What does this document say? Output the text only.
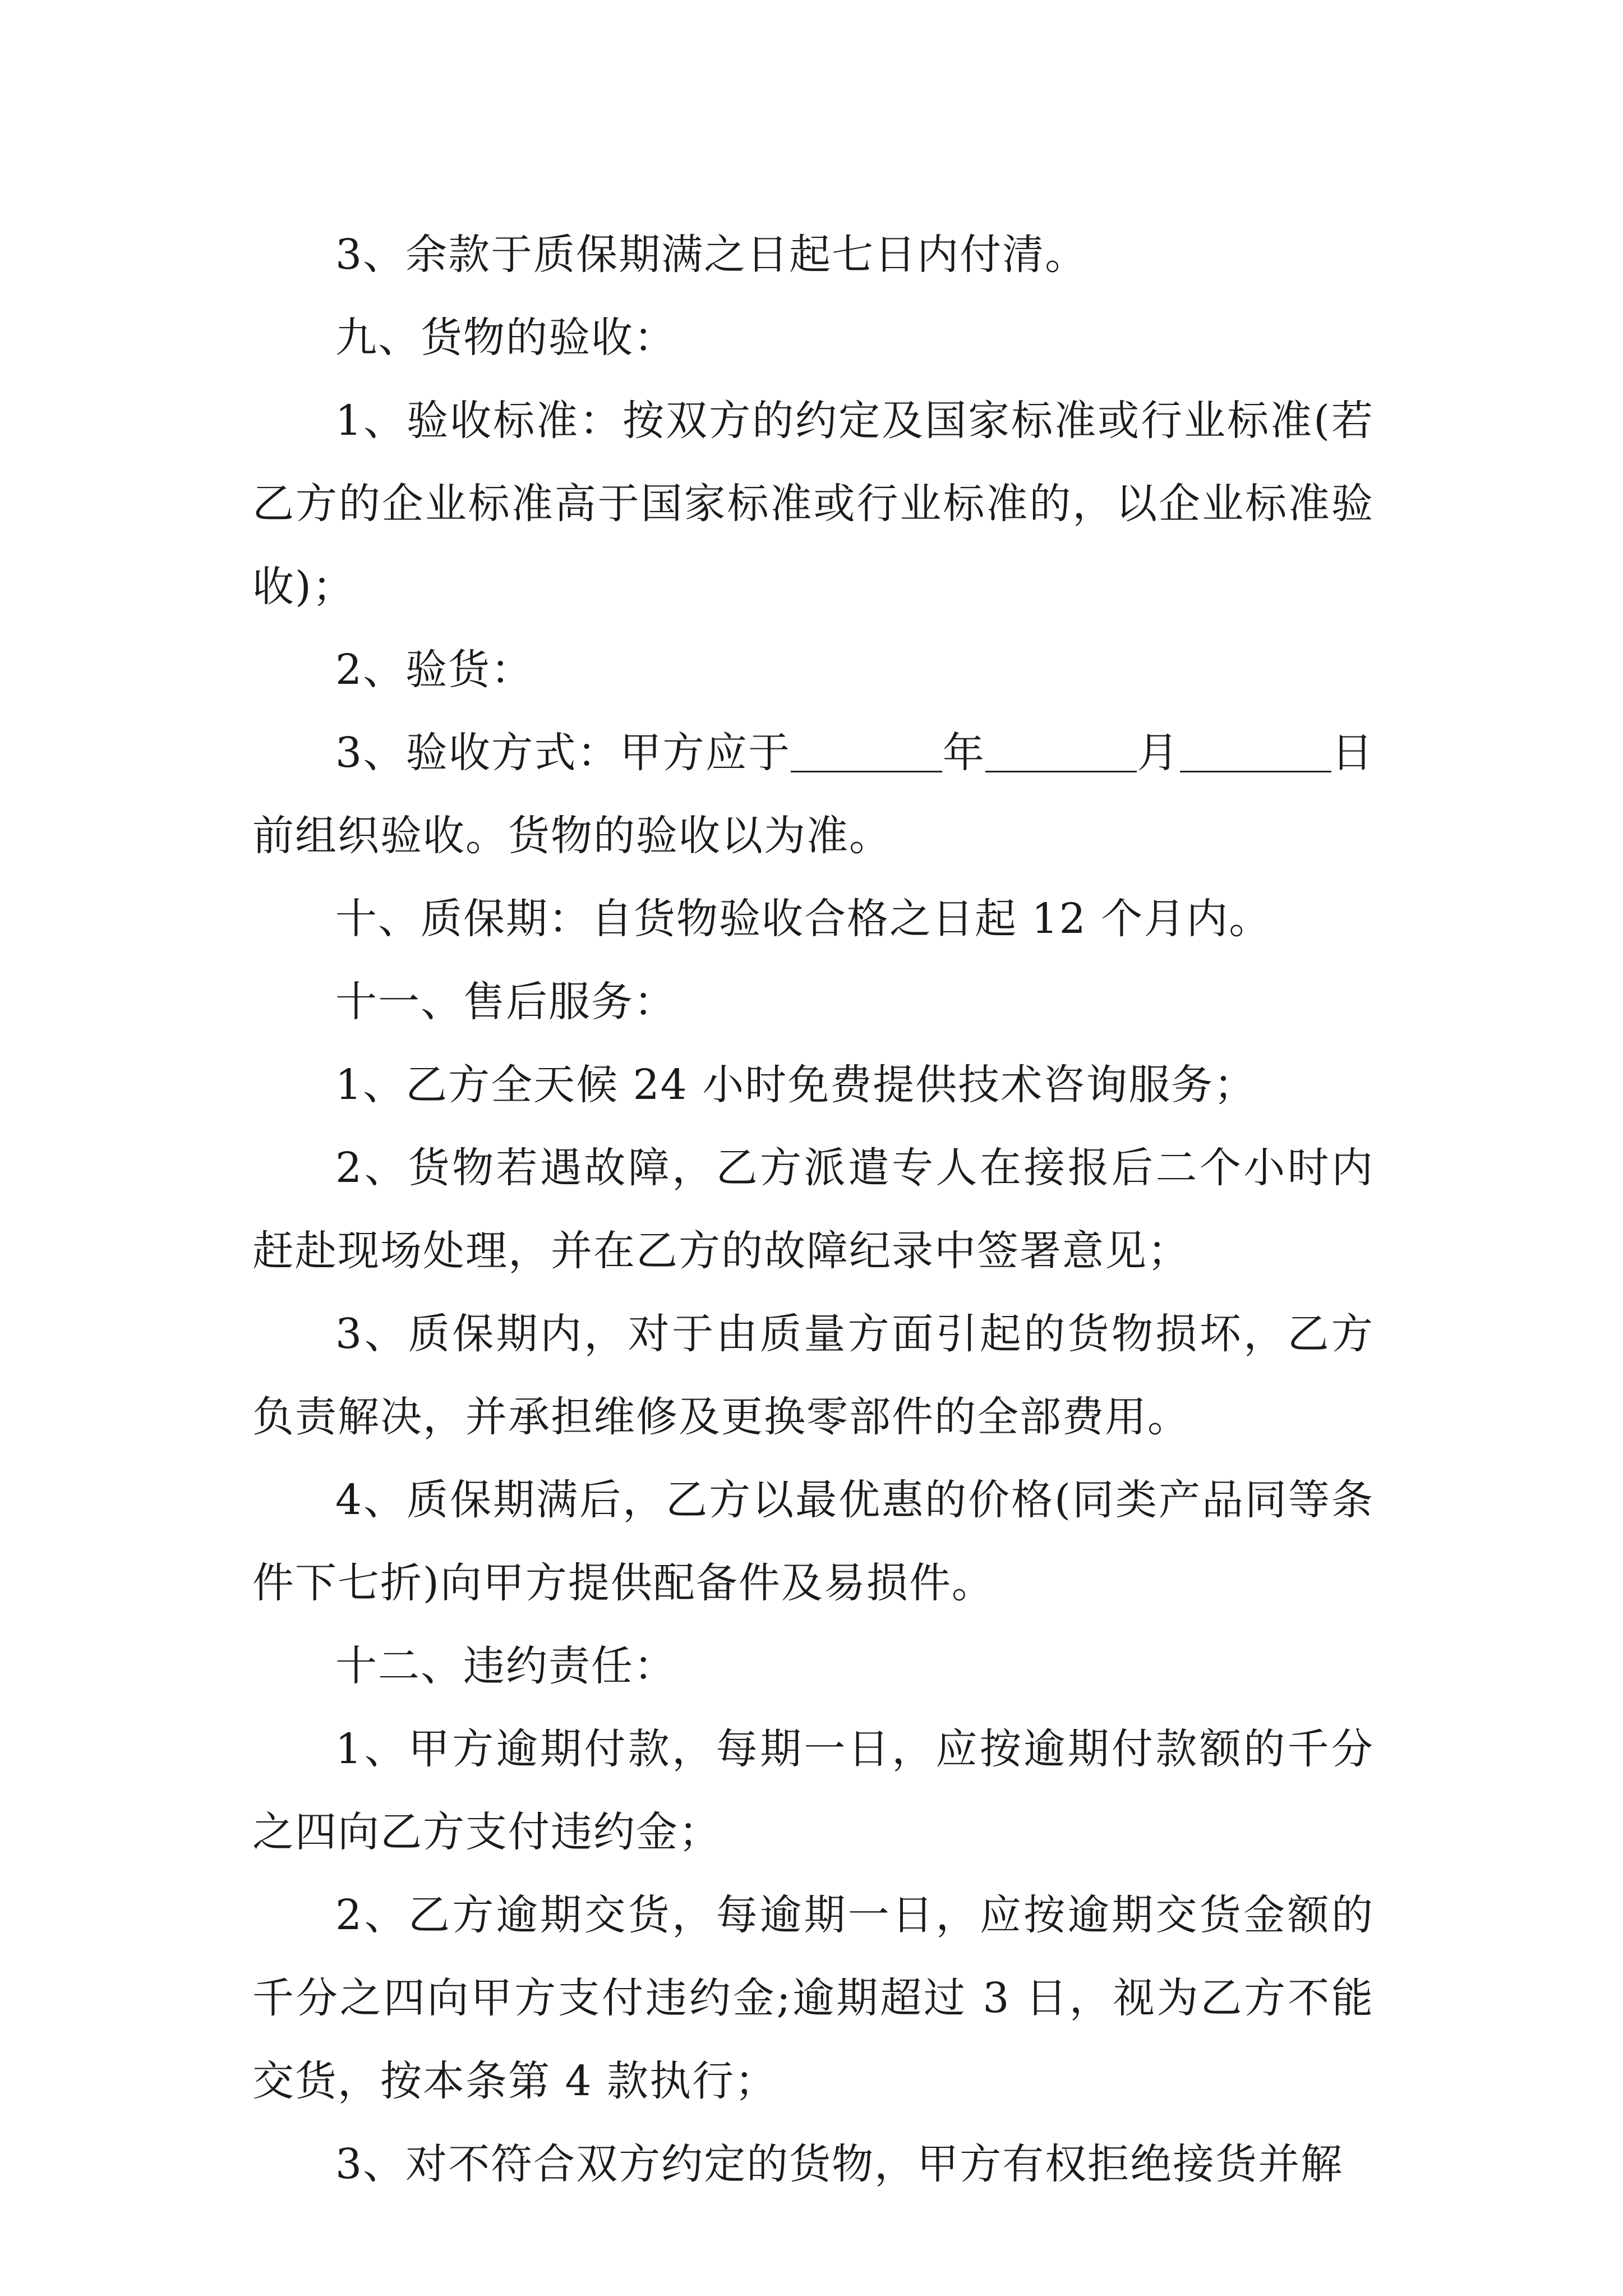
3、余款于质保期满之日起七日内付清。

九、货物的验收：

1、验收标准：按双方的约定及国家标准或行业标准(若乙方的企业标准高于国家标准或行业标准的，以企业标准验收)；

2、验货：

3、验收方式：甲方应于	年	月	日前组织验收。货物的验收以为准。

十、质保期：自货物验收合格之日起 12 个月内。

十一、售后服务：

1、乙方全天候 24 小时免费提供技术咨询服务；

2、货物若遇故障，乙方派遣专人在接报后二个小时内赶赴现场处理，并在乙方的故障纪录中签署意见；

3、质保期内，对于由质量方面引起的货物损坏，乙方负责解决，并承担维修及更换零部件的全部费用。

4、质保期满后，乙方以最优惠的价格(同类产品同等条件下七折)向甲方提供配备件及易损件。

十二、违约责任：

1、甲方逾期付款，每期一日，应按逾期付款额的千分之四向乙方支付违约金；

2、乙方逾期交货，每逾期一日，应按逾期交货金额的千分之四向甲方支付违约金;逾期超过 3 日，视为乙方不能交货，按本条第 4 款执行；

3、对不符合双方约定的货物，甲方有权拒绝接货并解
